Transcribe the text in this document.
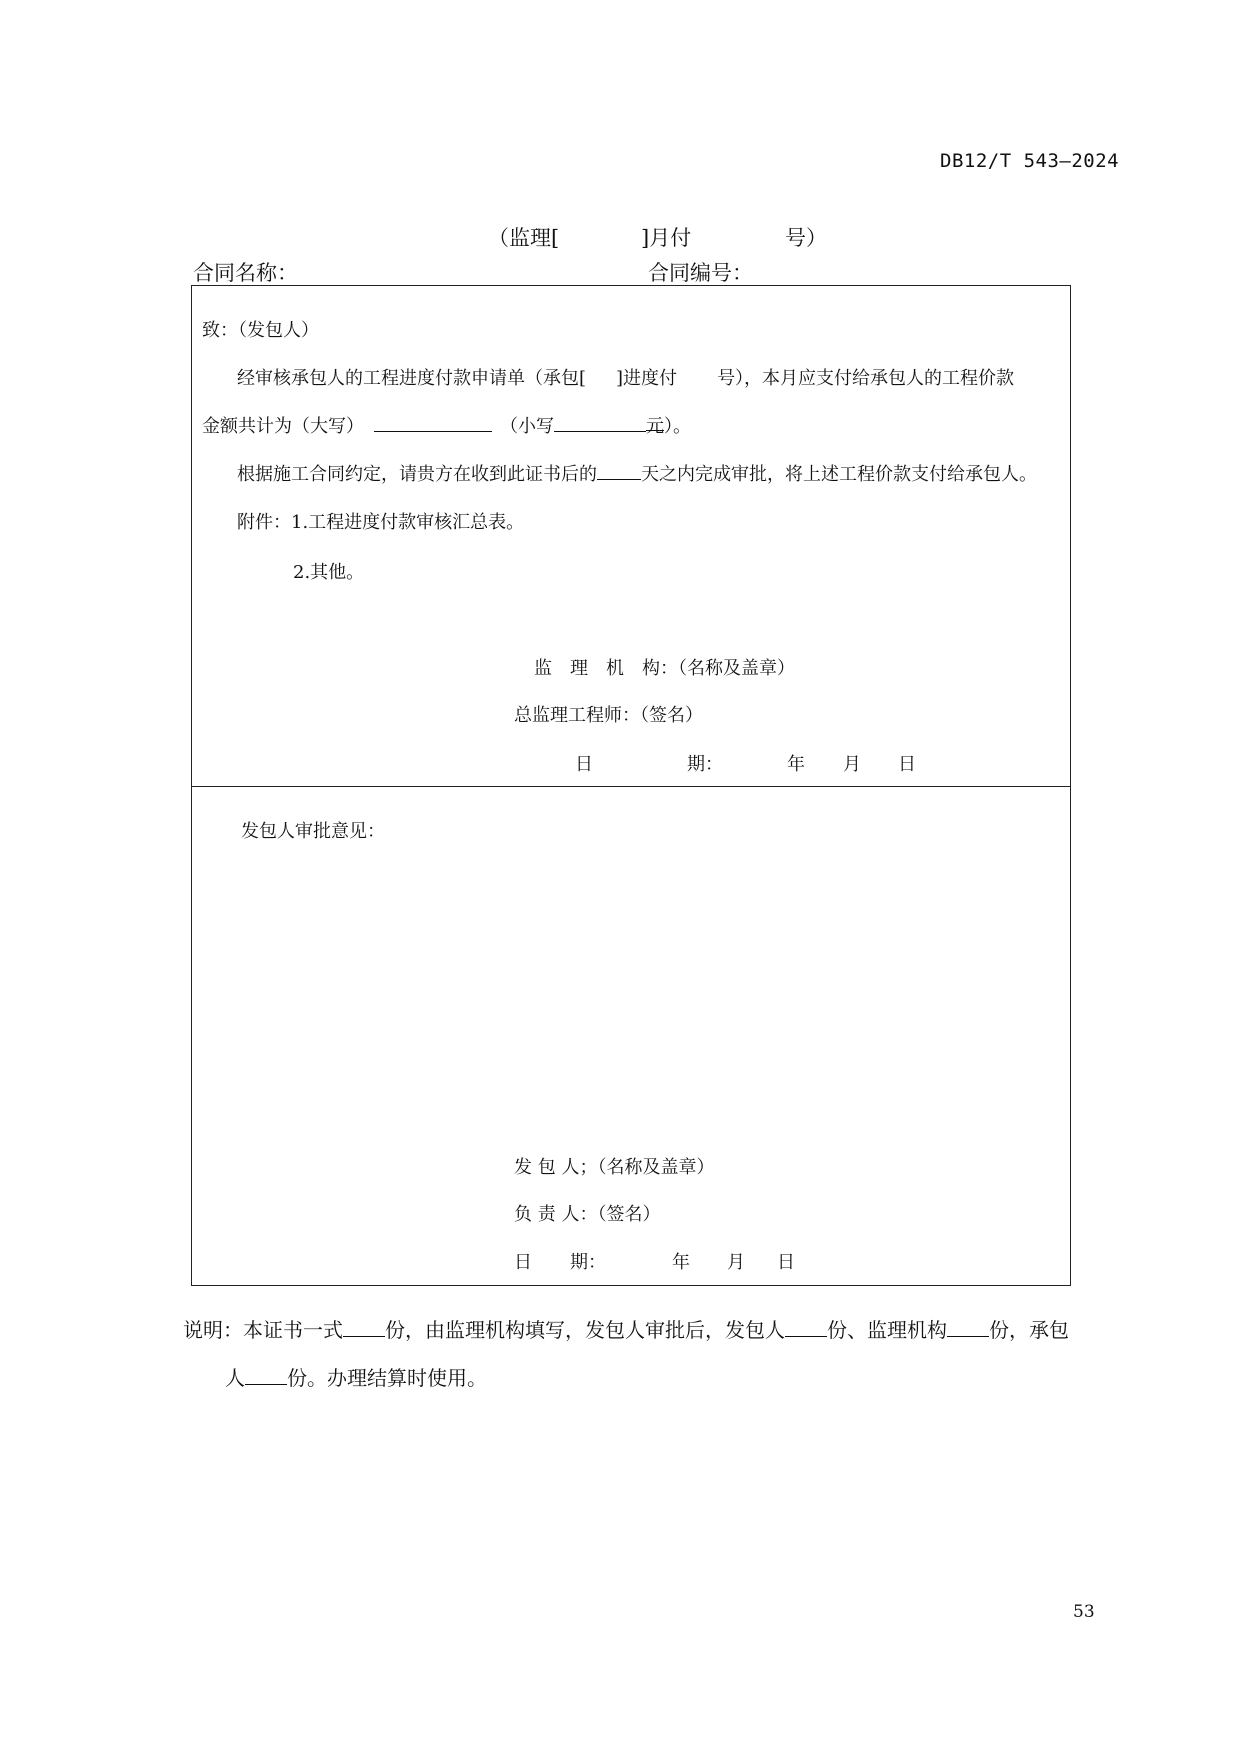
DB12/T 543—2024
（监理[	]月付	号）
合同名称：	合同编号：
致：（发包人）
经审核承包人的工程进度付款申请单（承包[ ]进度付 号），本月应支付给承包人的工程价款
金额共计为（大写）	（小写	元）。
根据施工合同约定，请贵方在收到此证书后的 天之内完成审批，将上述工程价款支付给承包人。
附件：1.工程进度付款审核汇总表。
2.其他。
监　理　机　构：（名称及盖章）
总监理工程师：（签名）
日	期：	年 月 日
发包人审批意见：
发 包 人；（名称及盖章）
负 责 人：（签名）
日 期：	年 月 日
说明：本证书一式 份，由监理机构填写，发包人审批后，发包人 份、监理机构 份，承包
人 份。办理结算时使用。
53
